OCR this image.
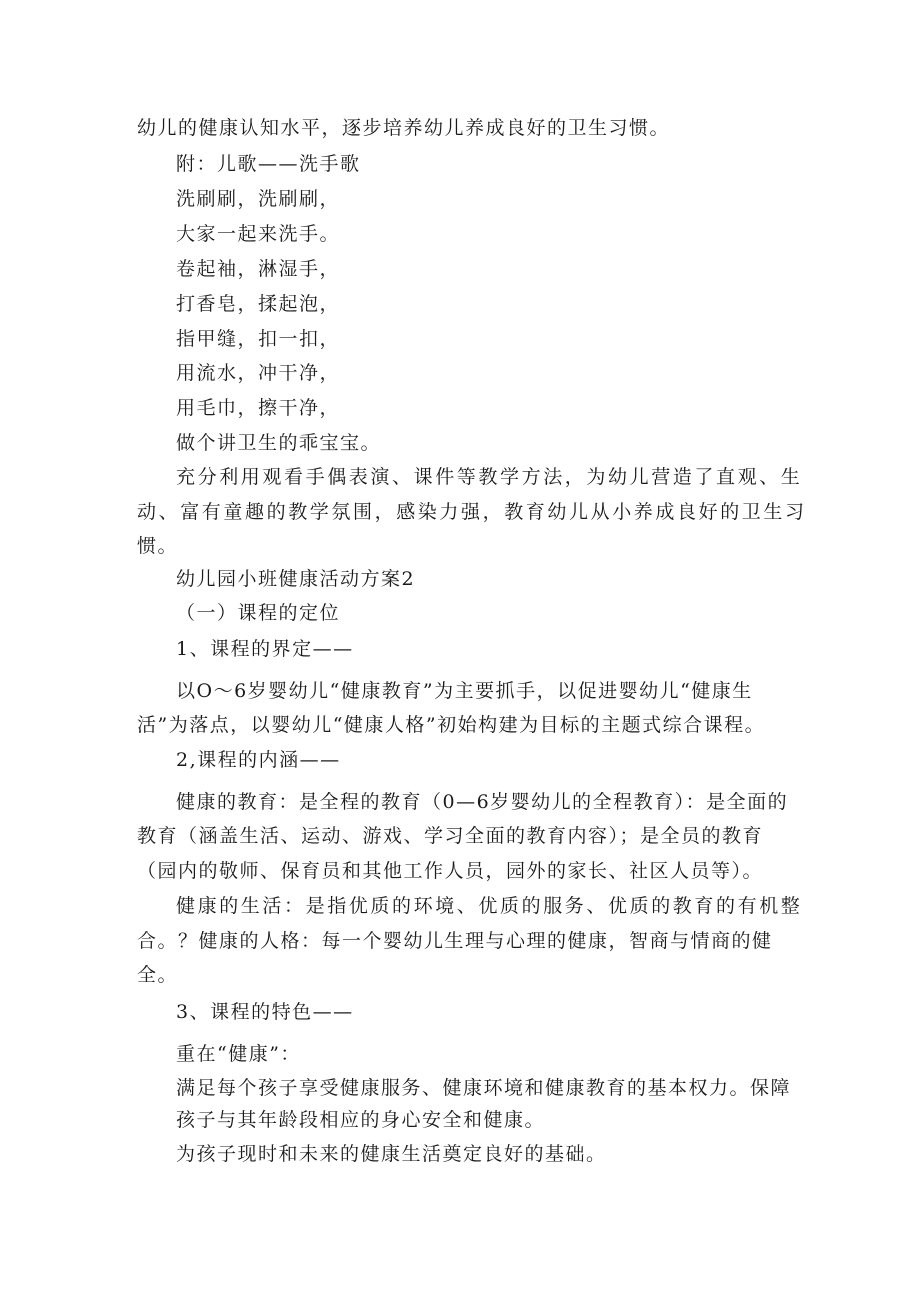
幼儿的健康认知水平，逐步培养幼儿养成良好的卫生习惯。
附：儿歌——洗手歌
洗刷刷，洗刷刷，
大家一起来洗手。
卷起袖，淋湿手，
打香皂，揉起泡，
指甲缝，扣一扣，
用流水，冲干净，
用毛巾，擦干净，
做个讲卫生的乖宝宝。
充分利用观看手偶表演、课件等教学方法，为幼儿营造了直观、生
动、富有童趣的教学氛围，感染力强，教育幼儿从小养成良好的卫生习
惯。
幼儿园小班健康活动方案2
（一）课程的定位
1、课程的界定——
以O〜6岁婴幼儿“健康教育”为主要抓手，以促进婴幼儿“健康生
活”为落点，以婴幼儿“健康人格”初始构建为目标的主题式综合课程。
2,课程的内涵——
健康的教育：是全程的教育（0—6岁婴幼儿的全程教育）：是全面的
教育（涵盖生活、运动、游戏、学习全面的教育内容）；是全员的教育
（园内的敬师、保育员和其他工作人员，园外的家长、社区人员等）。
健康的生活：是指优质的环境、优质的服务、优质的教育的有机整
合。？健康的人格：每一个婴幼儿生理与心理的健康，智商与情商的健
全。
3、课程的特色——
重在“健康”：
满足每个孩子享受健康服务、健康环境和健康教育的基本权力。保障
孩子与其年龄段相应的身心安全和健康。
为孩子现时和未来的健康生活奠定良好的基础。
